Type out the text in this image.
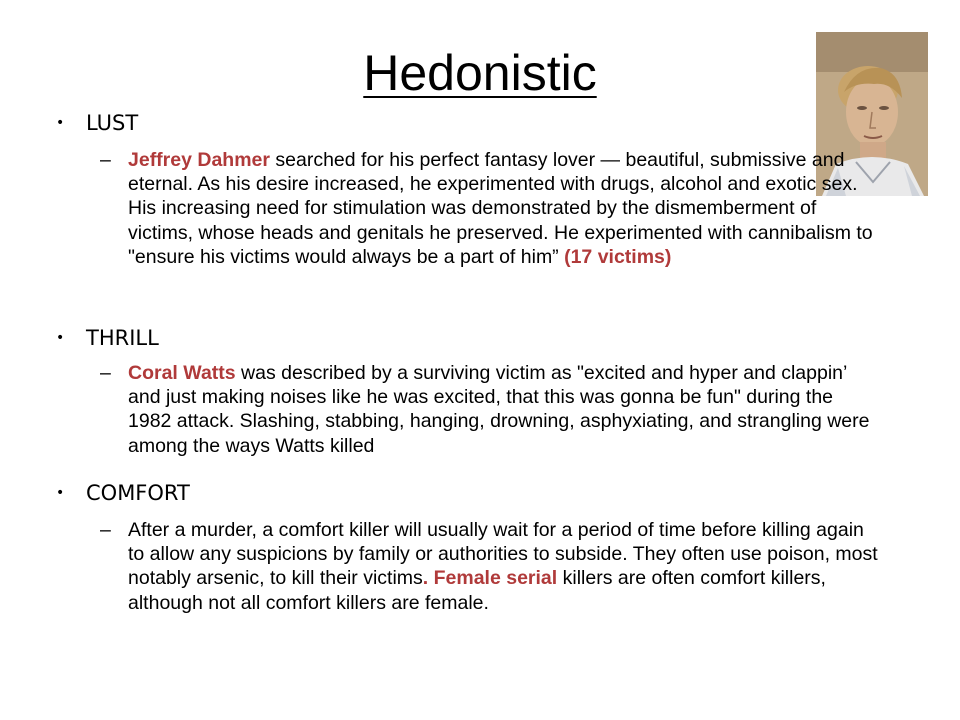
Hedonistic
•	LUST
– Jeffrey Dahmer searched for his perfect fantasy lover — beautiful, submissive and eternal. As his desire increased, he experimented with drugs, alcohol and exotic sex. His increasing need for stimulation was demonstrated by the dismemberment of victims, whose heads and genitals he preserved. He experimented with cannibalism to "ensure his victims would always be a part of him” (17 victims)
•	THRILL
– Coral Watts was described by a surviving victim as "excited and hyper and clappin’ and just making noises like he was excited, that this was gonna be fun" during the 1982 attack. Slashing, stabbing, hanging, drowning, asphyxiating, and strangling were among the ways Watts killed
•	COMFORT
– After a murder, a comfort killer will usually wait for a period of time before killing again to allow any suspicions by family or authorities to subside. They often use poison, most notably arsenic, to kill their victims. Female serial killers are often comfort killers, although not all comfort killers are female.
